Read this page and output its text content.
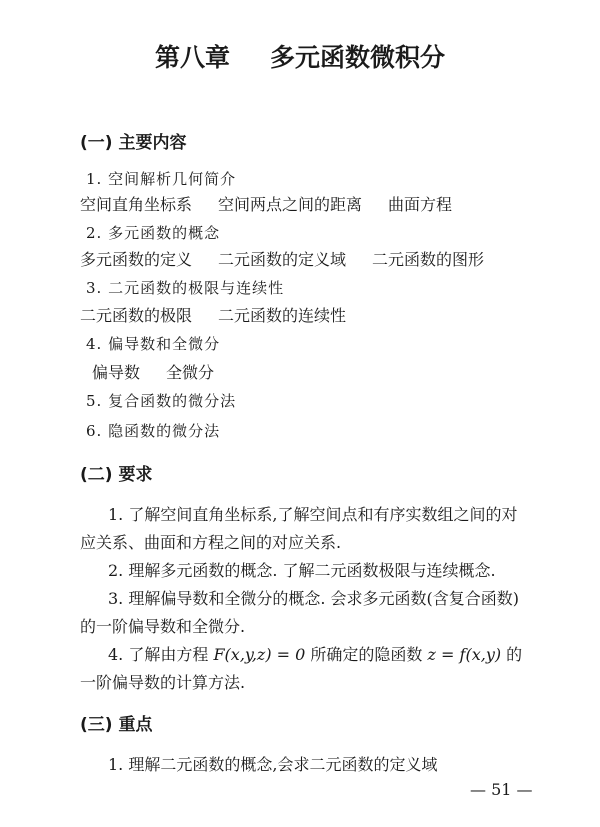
第八章 多元函数微积分
(一) 主要内容
1. 空间解析几何简介
空间直角坐标系 空间两点之间的距离 曲面方程
2. 多元函数的概念
多元函数的定义 二元函数的定义域 二元函数的图形
3. 二元函数的极限与连续性
二元函数的极限 二元函数的连续性
4. 偏导数和全微分
偏导数 全微分
5. 复合函数的微分法
6. 隐函数的微分法
(二) 要求
1. 了解空间直角坐标系,了解空间点和有序实数组之间的对
应关系、曲面和方程之间的对应关系.
2. 理解多元函数的概念. 了解二元函数极限与连续概念.
3. 理解偏导数和全微分的概念. 会求多元函数(含复合函数)
的一阶偏导数和全微分.
4. 了解由方程 F(x,y,z) = 0 所确定的隐函数 z = f(x,y) 的
一阶偏导数的计算方法.
(三) 重点
1. 理解二元函数的概念,会求二元函数的定义域
— 51 —
